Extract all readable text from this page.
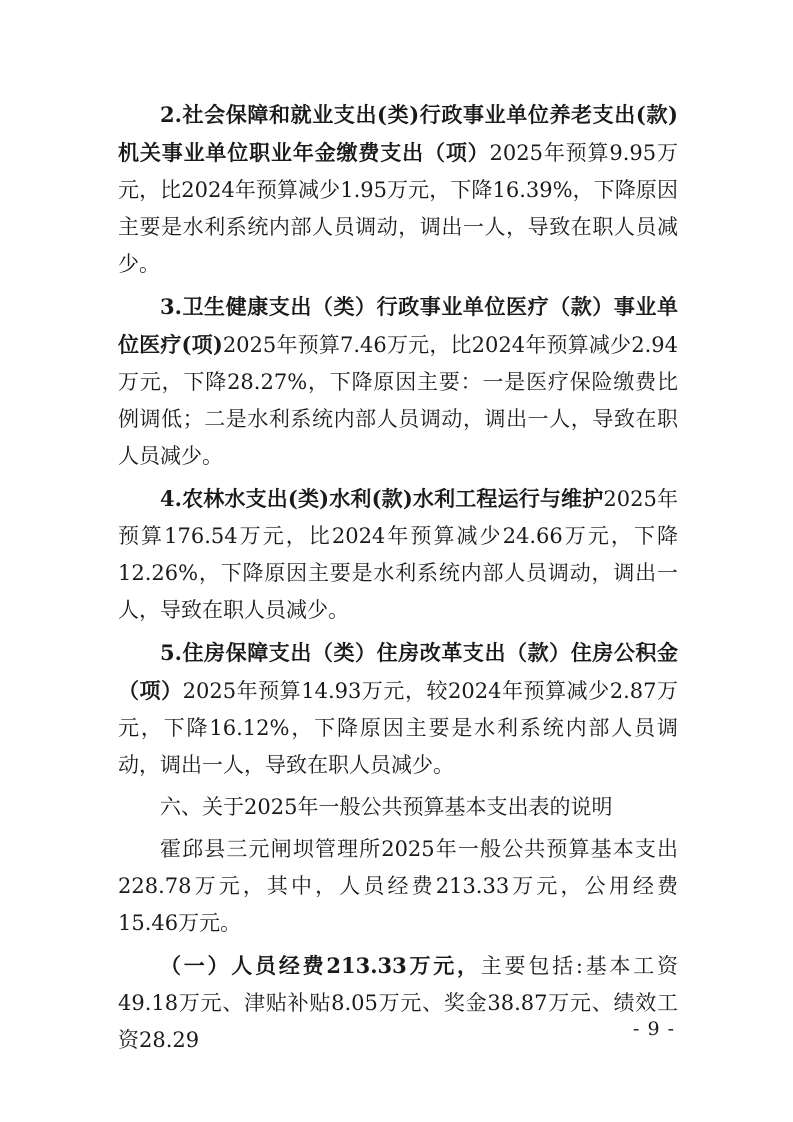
2.社会保障和就业支出(类)行政事业单位养老支出(款)机关事业单位职业年金缴费支出（项）2025年预算9.95万元，比2024年预算减少1.95万元，下降16.39%，下降原因主要是水利系统内部人员调动，调出一人，导致在职人员减少。

3.卫生健康支出（类）行政事业单位医疗（款）事业单位医疗(项)2025年预算7.46万元，比2024年预算减少2.94万元，下降28.27%，下降原因主要：一是医疗保险缴费比例调低；二是水利系统内部人员调动，调出一人，导致在职人员减少。

4.农林水支出(类)水利(款)水利工程运行与维护2025年预算176.54万元，比2024年预算减少24.66万元，下降12.26%，下降原因主要是水利系统内部人员调动，调出一人，导致在职人员减少。

5.住房保障支出（类）住房改革支出（款）住房公积金（项）2025年预算14.93万元，较2024年预算减少2.87万元，下降16.12%，下降原因主要是水利系统内部人员调动，调出一人，导致在职人员减少。

六、关于2025年一般公共预算基本支出表的说明

霍邱县三元闸坝管理所2025年一般公共预算基本支出228.78万元，其中，人员经费213.33万元，公用经费15.46万元。

（一）人员经费213.33万元，主要包括:基本工资49.18万元、津贴补贴8.05万元、奖金38.87万元、绩效工资28.29	- 9 -
